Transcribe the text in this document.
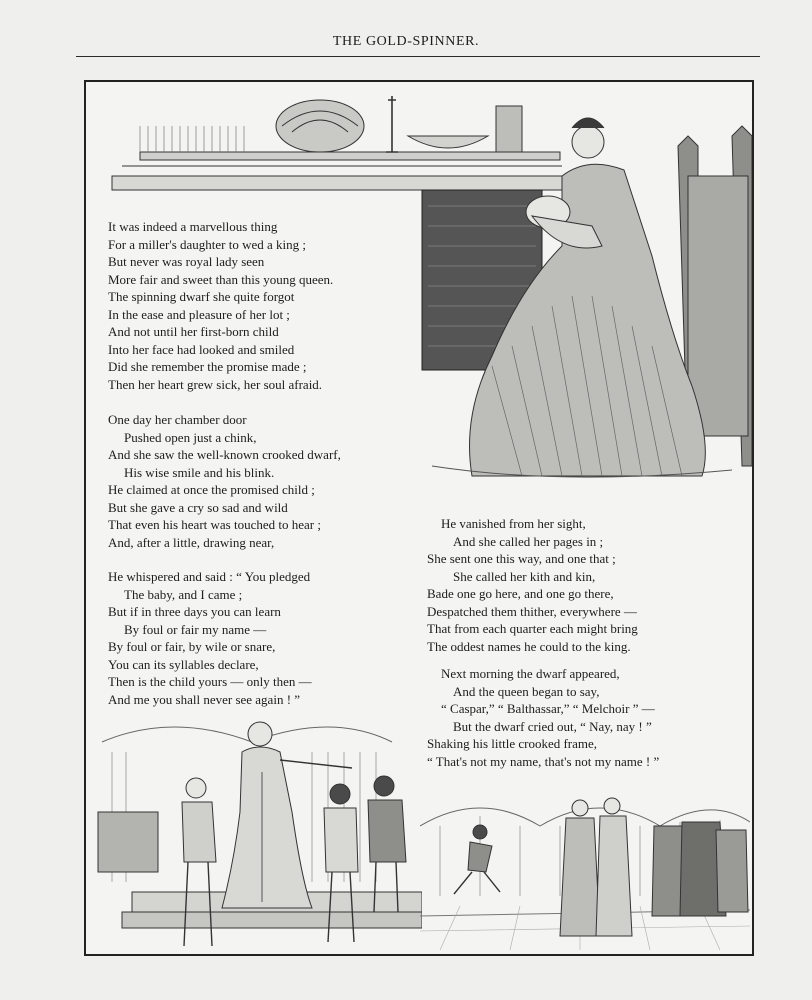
THE GOLD-SPINNER.
It was indeed a marvellous thing
For a miller's daughter to wed a king ;
But never was royal lady seen
More fair and sweet than this young queen.
The spinning dwarf she quite forgot
In the ease and pleasure of her lot ;
And not until her first-born child
Into her face had looked and smiled
Did she remember the promise made ;
Then her heart grew sick, her soul afraid.
One day her chamber door
Pushed open just a chink,
And she saw the well-known crooked dwarf,
His wise smile and his blink.
He claimed at once the promised child ;
But she gave a cry so sad and wild
That even his heart was touched to hear ;
And, after a little, drawing near,
He whispered and said : “ You pledged
The baby, and I came ;
But if in three days you can learn
By foul or fair my name —
By foul or fair, by wile or snare,
You can its syllables declare,
Then is the child yours — only then —
And me you shall never see again ! ”
He vanished from her sight,
And she called her pages in ;
She sent one this way, and one that ;
She called her kith and kin,
Bade one go here, and one go there,
Despatched them thither, everywhere —
That from each quarter each might bring
The oddest names he could to the king.
Next morning the dwarf appeared,
And the queen began to say,
“ Caspar,” “ Balthassar,” “ Melchoir ” —
But the dwarf cried out, “ Nay, nay ! ”
Shaking his little crooked frame,
“ That's not my name, that's not my name ! ”
